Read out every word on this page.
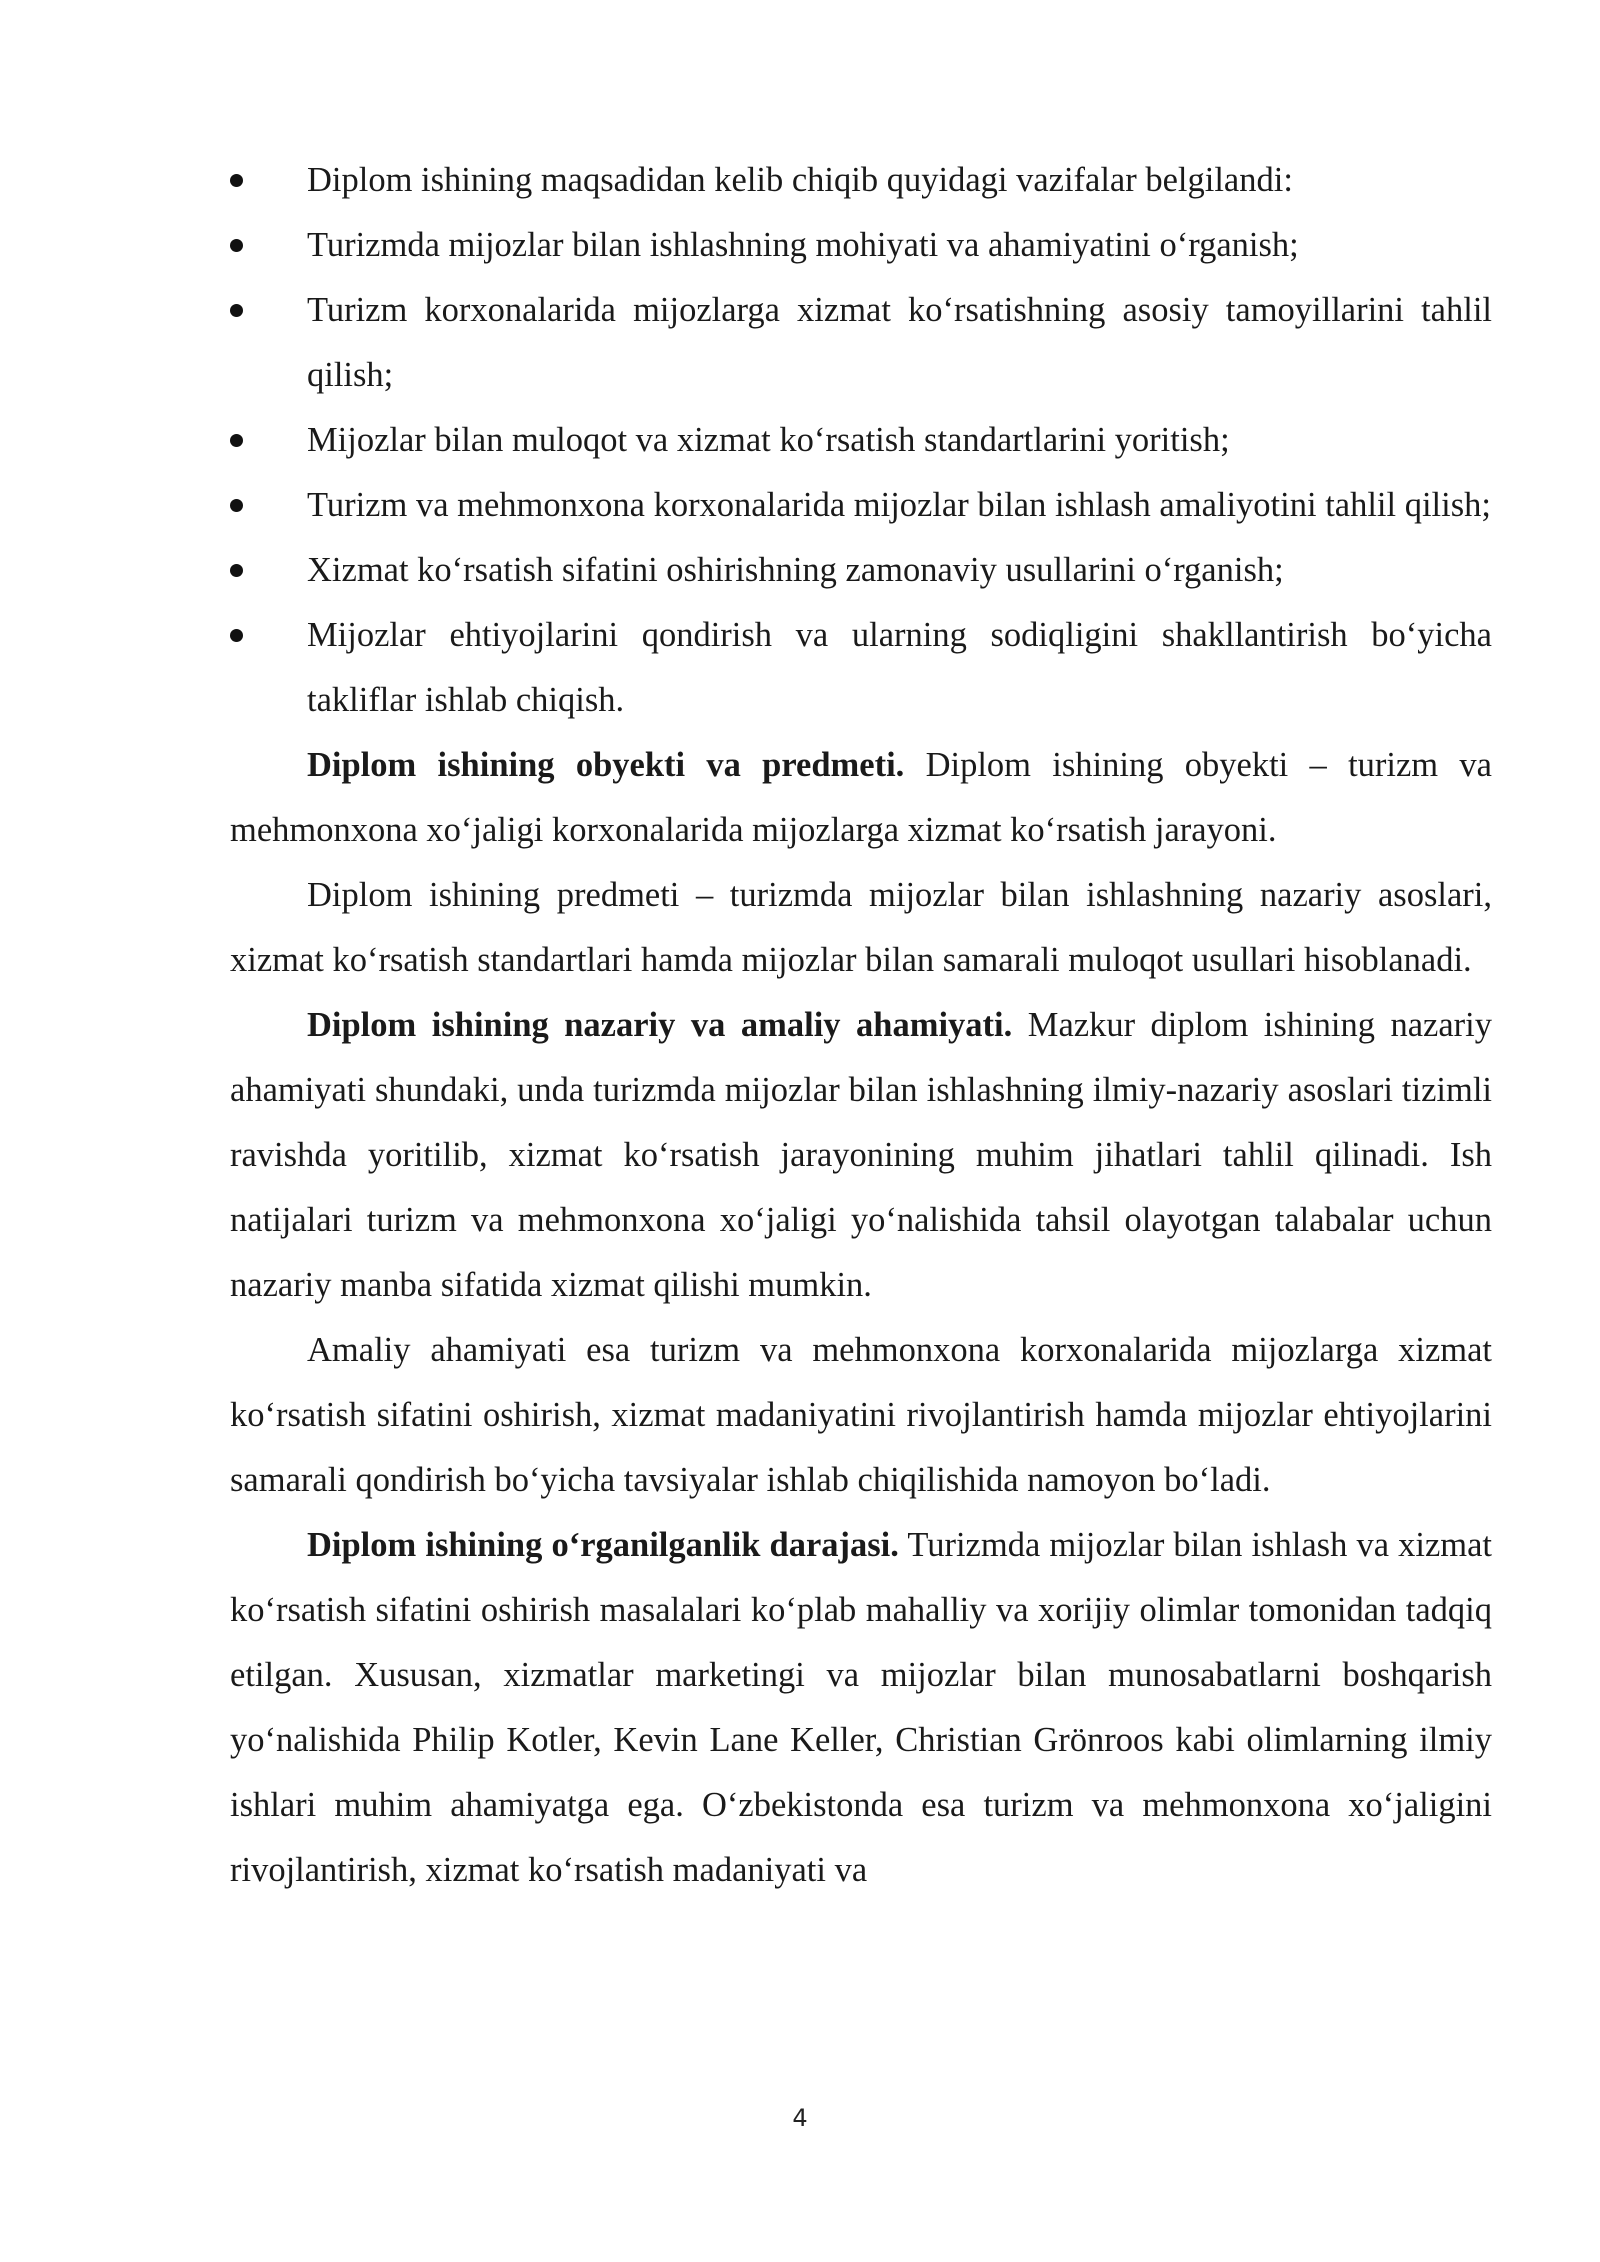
Diplom ishining maqsadidan kelib chiqib quyidagi vazifalar belgilandi:
Turizmda mijozlar bilan ishlashning mohiyati va ahamiyatini o‘rganish;
Turizm korxonalarida mijozlarga xizmat ko‘rsatishning asosiy tamoyillarini tahlil qilish;
Mijozlar bilan muloqot va xizmat ko‘rsatish standartlarini yoritish;
Turizm va mehmonxona korxonalarida mijozlar bilan ishlash amaliyotini tahlil qilish;
Xizmat ko‘rsatish sifatini oshirishning zamonaviy usullarini o‘rganish;
Mijozlar ehtiyojlarini qondirish va ularning sodiqligini shakllantirish bo‘yicha takliflar ishlab chiqish.

Diplom ishining obyekti va predmeti. Diplom ishining obyekti – turizm va mehmonxona xo‘jaligi korxonalarida mijozlarga xizmat ko‘rsatish jarayoni.

Diplom ishining predmeti – turizmda mijozlar bilan ishlashning nazariy asoslari, xizmat ko‘rsatish standartlari hamda mijozlar bilan samarali muloqot usullari hisoblanadi.

Diplom ishining nazariy va amaliy ahamiyati. Mazkur diplom ishining nazariy ahamiyati shundaki, unda turizmda mijozlar bilan ishlashning ilmiy-nazariy asoslari tizimli ravishda yoritilib, xizmat ko‘rsatish jarayonining muhim jihatlari tahlil qilinadi. Ish natijalari turizm va mehmonxona xo‘jaligi yo‘nalishida tahsil olayotgan talabalar uchun nazariy manba sifatida xizmat qilishi mumkin.

Amaliy ahamiyati esa turizm va mehmonxona korxonalarida mijozlarga xizmat ko‘rsatish sifatini oshirish, xizmat madaniyatini rivojlantirish hamda mijozlar ehtiyojlarini samarali qondirish bo‘yicha tavsiyalar ishlab chiqilishida namoyon bo‘ladi.

Diplom ishining o‘rganilganlik darajasi. Turizmda mijozlar bilan ishlash va xizmat ko‘rsatish sifatini oshirish masalalari ko‘plab mahalliy va xorijiy olimlar tomonidan tadqiq etilgan. Xususan, xizmatlar marketingi va mijozlar bilan munosabatlarni boshqarish yo‘nalishida Philip Kotler, Kevin Lane Keller, Christian Grönroos kabi olimlarning ilmiy ishlari muhim ahamiyatga ega. O‘zbekistonda esa turizm va mehmonxona xo‘jaligini rivojlantirish, xizmat ko‘rsatish madaniyati va

4
